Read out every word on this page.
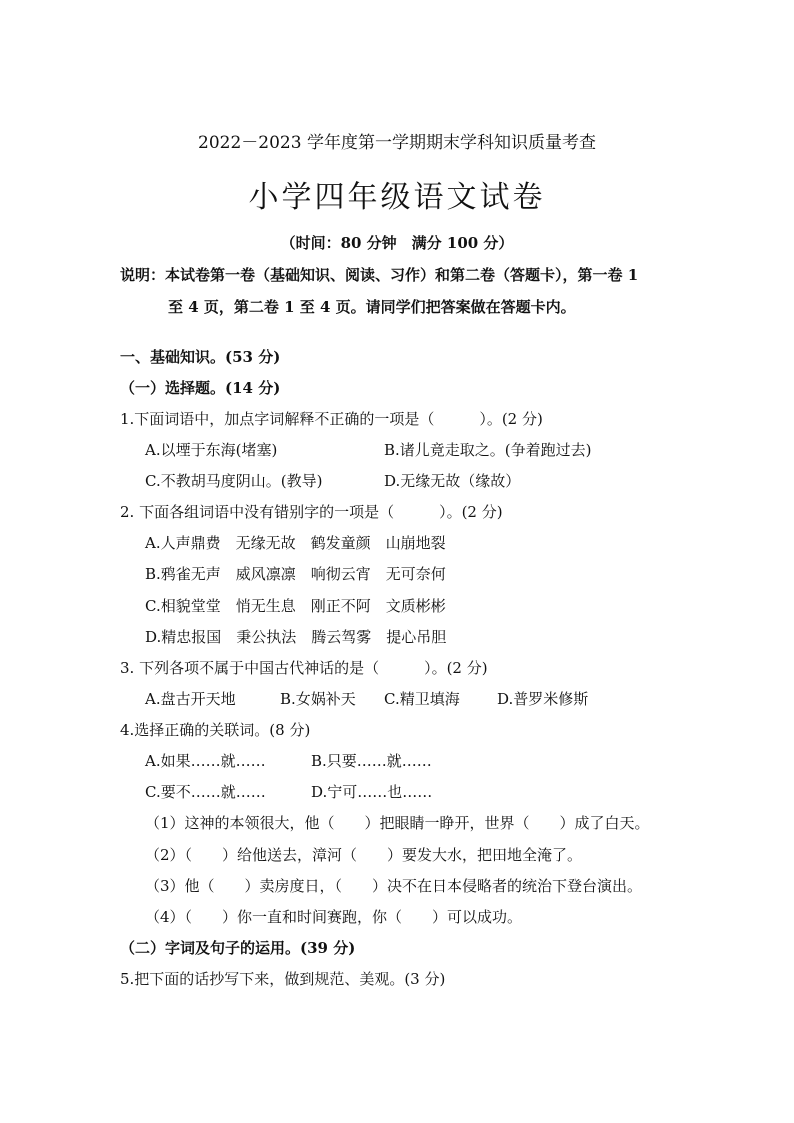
2022－2023 学年度第一学期期末学科知识质量考查
小学四年级语文试卷
（时间：80 分钟　满分 100 分）
说明：本试卷第一卷（基础知识、阅读、习作）和第二卷（答题卡），第一卷 1
至 4 页，第二卷 1 至 4 页。请同学们把答案做在答题卡内。
一、基础知识。(53 分)
（一）选择题。(14 分)
1.下面词语中，加点字词解释不正确的一项是（　　　）。(2 分)
A.以堙于东海(堵塞)	B.诸儿竟走取之。(争着跑过去)
C.不教胡马度阴山。(教导)	D.无缘无故（缘故）
2. 下面各组词语中没有错别字的一项是（　　　）。(2 分)
A.人声鼎费　无缘无故　鹤发童颜　山崩地裂
B.鸦雀无声　威风凛凛　响彻云宵　无可奈何
C.相貌堂堂　悄无生息　刚正不阿　文质彬彬
D.精忠报国　秉公执法　腾云驾雾　提心吊胆
3. 下列各项不属于中国古代神话的是（　　　）。(2 分)
A.盘古开天地	B.女娲补天 C.精卫填海 D.普罗米修斯
4.选择正确的关联词。(8 分)
A.如果……就……	B.只要……就……
C.要不……就……	D.宁可……也……
（1）这神的本领很大，他（　　）把眼睛一睁开，世界（　　）成了白天。
（2）（　　）给他送去，漳河（　　）要发大水，把田地全淹了。
（3）他（　　）卖房度日，（　　）决不在日本侵略者的统治下登台演出。
（4）（　　）你一直和时间赛跑，你（　　）可以成功。
（二）字词及句子的运用。(39 分)
5.把下面的话抄写下来，做到规范、美观。(3 分)
